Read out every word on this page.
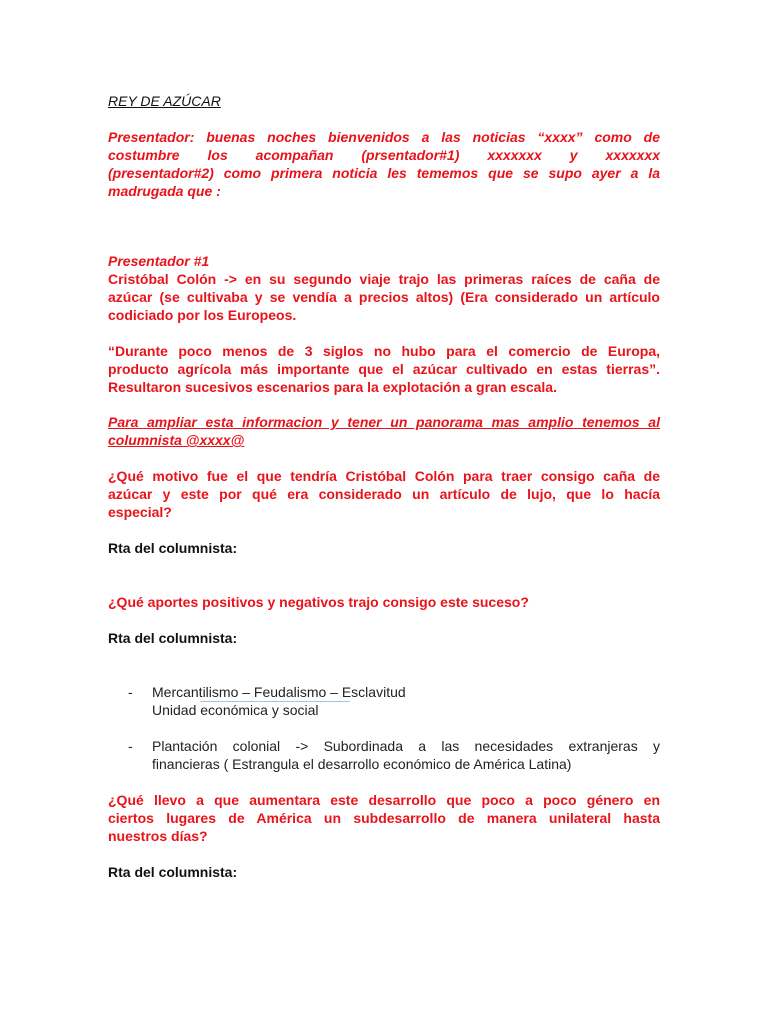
REY DE AZÚCAR

Presentador: buenas noches bienvenidos a las noticias “xxxx” como de
costumbre los acompañan (prsentador#1) xxxxxxx y xxxxxxx
(presentador#2) como primera noticia les tememos que se supo ayer a la
madrugada que :

Presentador #1

Cristóbal Colón -> en su segundo viaje trajo las primeras raíces de caña de
azúcar (se cultivaba y se vendía a precios altos) (Era considerado un artículo
codiciado por los Europeos.
“Durante poco menos de 3 siglos no hubo para el comercio de Europa,
producto agrícola más importante que el azúcar cultivado en estas tierras”.
Resultaron sucesivos escenarios para la explotación a gran escala.
Para ampliar esta informacion y tener un panorama mas amplio tenemos al
columnista @xxxx@
¿Qué motivo fue el que tendría Cristóbal Colón para traer consigo caña de
azúcar y este por qué era considerado un artículo de lujo, que lo hacía
especial?

Rta del columnista:

¿Qué aportes positivos y negativos trajo consigo este suceso?

Rta del columnista:

- Mercantilismo – Feudalismo – Esclavitud
Unidad económica y social
- Plantación colonial -> Subordinada a las necesidades extranjeras y
financieras ( Estrangula el desarrollo económico de América Latina)
¿Qué llevo a que aumentara este desarrollo que poco a poco género en
ciertos lugares de América un subdesarrollo de manera unilateral hasta
nuestros días?

Rta del columnista:
